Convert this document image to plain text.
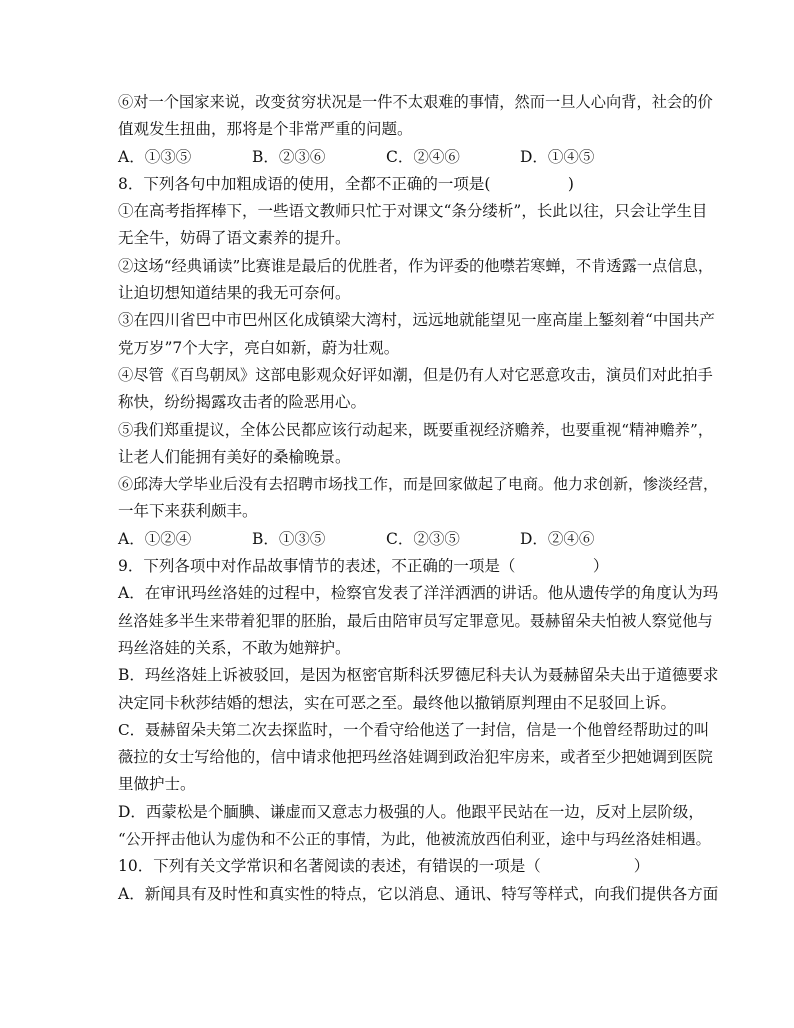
⑥对一个国家来说，改变贫穷状况是一件不太艰难的事情，然而一旦人心向背，社会的价
值观发生扭曲，那将是个非常严重的问题。
A．①③⑤	B．②③⑥	C．②④⑥	D．①④⑤
8．下列各句中加粗成语的使用，全都不正确的一项是(　　　　　)
①在高考指挥棒下，一些语文教师只忙于对课文“条分缕析”，长此以往，只会让学生目
无全牛，妨碍了语文素养的提升。
②这场“经典诵读”比赛谁是最后的优胜者，作为评委的他噤若寒蝉，不肯透露一点信息，
让迫切想知道结果的我无可奈何。
③在四川省巴中市巴州区化成镇梁大湾村，远远地就能望见一座高崖上錾刻着“中国共产
党万岁”7个大字，亮白如新，蔚为壮观。
④尽管《百鸟朝凤》这部电影观众好评如潮，但是仍有人对它恶意攻击，演员们对此拍手
称快，纷纷揭露攻击者的险恶用心。
⑤我们郑重提议，全体公民都应该行动起来，既要重视经济赡养，也要重视“精神赡养”，
让老人们能拥有美好的桑榆晚景。
⑥邱涛大学毕业后没有去招聘市场找工作，而是回家做起了电商。他力求创新，惨淡经营，
一年下来获利颇丰。
A．①②④	B．①③⑤	C．②③⑤	D．②④⑥
9．下列各项中对作品故事情节的表述，不正确的一项是（　　　　　）
A．在审讯玛丝洛娃的过程中，检察官发表了洋洋洒洒的讲话。他从遗传学的角度认为玛
丝洛娃多半生来带着犯罪的胚胎，最后由陪审员写定罪意见。聂赫留朵夫怕被人察觉他与
玛丝洛娃的关系，不敢为她辩护。
B．玛丝洛娃上诉被驳回，是因为枢密官斯科沃罗德尼科夫认为聂赫留朵夫出于道德要求
决定同卡秋莎结婚的想法，实在可恶之至。最终他以撤销原判理由不足驳回上诉。
C．聂赫留朵夫第二次去探监时，一个看守给他送了一封信，信是一个他曾经帮助过的叫
薇拉的女士写给他的，信中请求他把玛丝洛娃调到政治犯牢房来，或者至少把她调到医院
里做护士。
D．西蒙松是个腼腆、谦虚而又意志力极强的人。他跟平民站在一边，反对上层阶级，
“公开抨击他认为虚伪和不公正的事情，为此，他被流放西伯利亚，途中与玛丝洛娃相遇。
10．下列有关文学常识和名著阅读的表述，有错误的一项是（　　　　　　）
A．新闻具有及时性和真实性的特点，它以消息、通讯、特写等样式，向我们提供各方面
